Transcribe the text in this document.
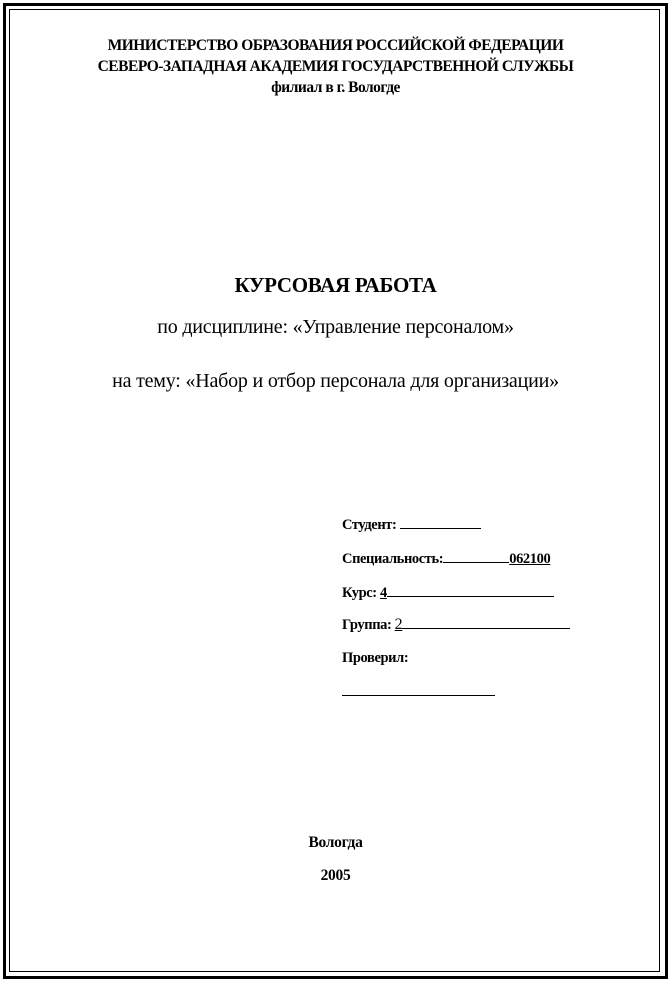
МИНИСТЕРСТВО ОБРАЗОВАНИЯ РОССИЙСКОЙ ФЕДЕРАЦИИ
СЕВЕРО-ЗАПАДНАЯ АКАДЕМИЯ ГОСУДАРСТВЕННОЙ СЛУЖБЫ
филиал в г. Вологде
КУРСОВАЯ РАБОТА
по дисциплине: «Управление персоналом»
на тему: «Набор и отбор персонала для организации»
Студент:
Специальность:	062100
Курс: 4
Группа: 2
Проверил:
Вологда
2005
